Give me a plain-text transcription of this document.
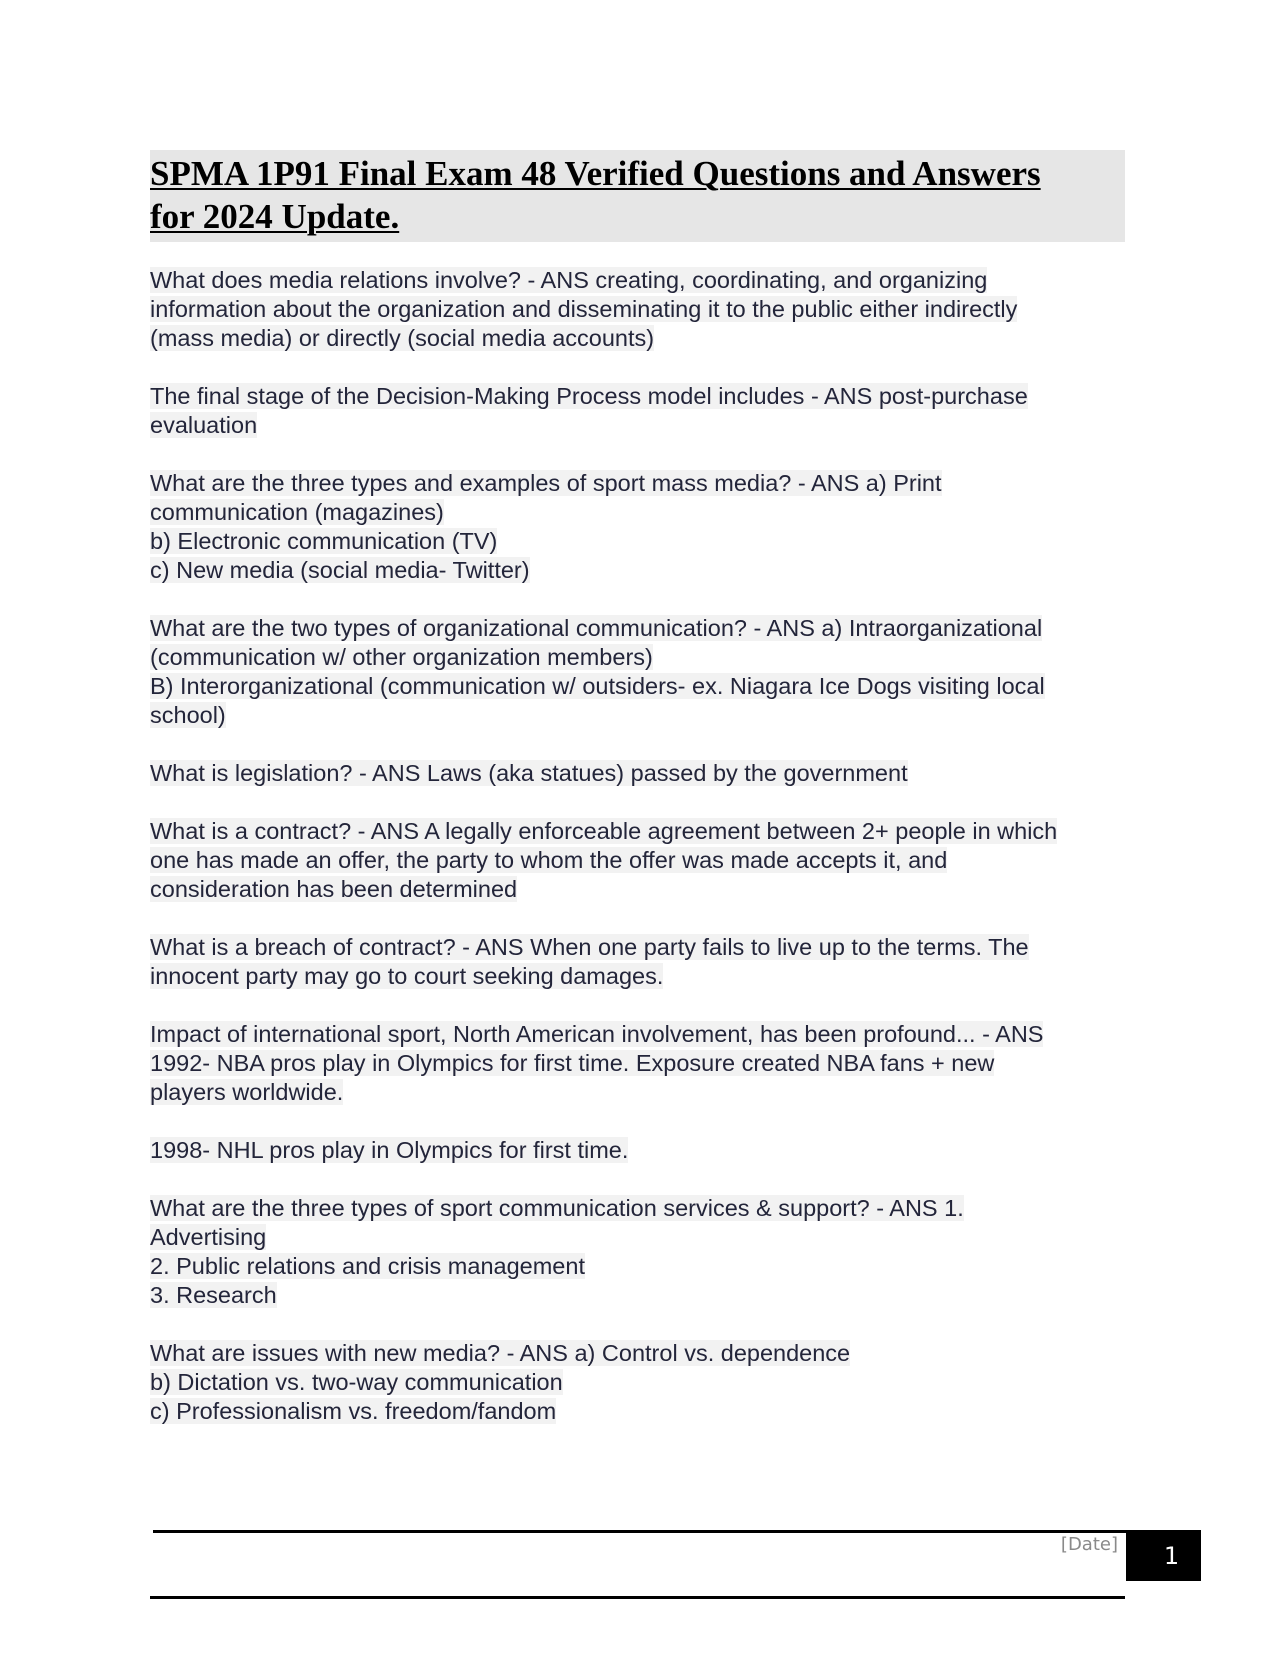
SPMA 1P91 Final Exam 48 Verified Questions and Answers
for 2024 Update.

What does media relations involve? - ANS creating, coordinating, and organizing
information about the organization and disseminating it to the public either indirectly
(mass media) or directly (social media accounts)

The final stage of the Decision-Making Process model includes - ANS post-purchase
evaluation

What are the three types and examples of sport mass media? - ANS a) Print
communication (magazines)
b) Electronic communication (TV)
c) New media (social media- Twitter)

What are the two types of organizational communication? - ANS a) Intraorganizational
(communication w/ other organization members)
B) Interorganizational (communication w/ outsiders- ex. Niagara Ice Dogs visiting local
school)

What is legislation? - ANS Laws (aka statues) passed by the government

What is a contract? - ANS A legally enforceable agreement between 2+ people in which
one has made an offer, the party to whom the offer was made accepts it, and
consideration has been determined

What is a breach of contract? - ANS When one party fails to live up to the terms. The
innocent party may go to court seeking damages.

Impact of international sport, North American involvement, has been profound... - ANS
1992- NBA pros play in Olympics for first time. Exposure created NBA fans + new
players worldwide.

1998- NHL pros play in Olympics for first time.

What are the three types of sport communication services & support? - ANS 1.
Advertising
2. Public relations and crisis management
3. Research

What are issues with new media? - ANS a) Control vs. dependence
b) Dictation vs. two-way communication
c) Professionalism vs. freedom/fandom

[Date]	1
